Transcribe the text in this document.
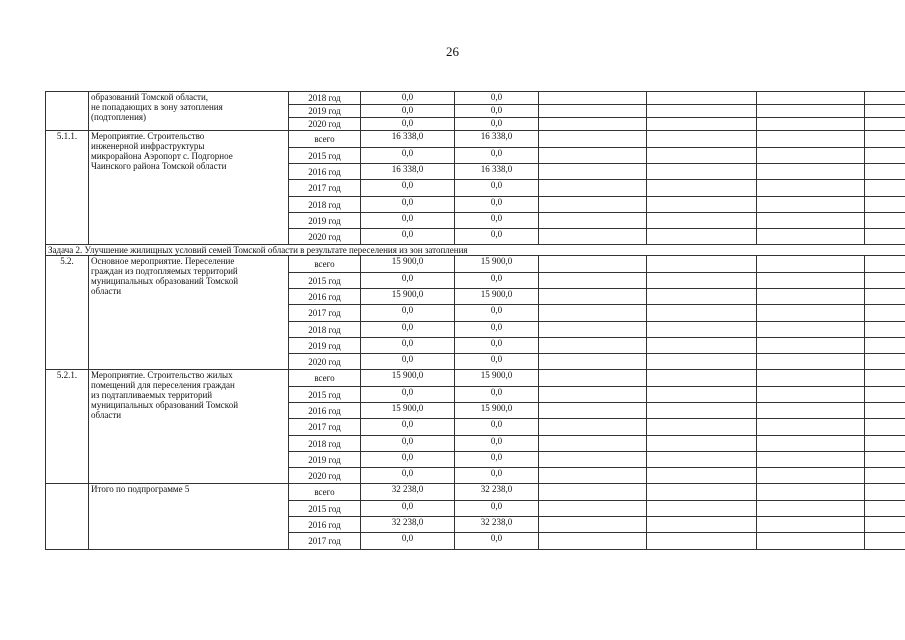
26
	образований Томской области,
не попадающих в зону затопления
(подтопления)	2018 год	0,0	0,0				
		2019 год	0,0	0,0				
		2020 год	0,0	0,0				
5.1.1.	Мероприятие. Строительство
инженерной инфраструктуры
микрорайона Аэропорт с. Подгорное
Чаинского района Томской области	всего	16 338,0	16 338,0				
		2015 год	0,0	0,0				
		2016 год	16 338,0	16 338,0				
		2017 год	0,0	0,0				
		2018 год	0,0	0,0				
		2019 год	0,0	0,0				
		2020 год	0,0	0,0				
Задача 2. Улучшение жилищных условий семей Томской области в результате переселения из зон затопления								
5.2.	Основное мероприятие. Переселение
граждан из подтопляемых территорий
муниципальных образований Томской
области	всего	15 900,0	15 900,0				
		2015 год	0,0	0,0				
		2016 год	15 900,0	15 900,0				
		2017 год	0,0	0,0				
		2018 год	0,0	0,0				
		2019 год	0,0	0,0				
		2020 год	0,0	0,0				
5.2.1.	Мероприятие. Строительство жилых
помещений для переселения граждан
из подтапливаемых территорий
муниципальных образований Томской
области	всего	15 900,0	15 900,0				
		2015 год	0,0	0,0				
		2016 год	15 900,0	15 900,0				
		2017 год	0,0	0,0				
		2018 год	0,0	0,0				
		2019 год	0,0	0,0				
		2020 год	0,0	0,0				
	Итого по подпрограмме 5	всего	32 238,0	32 238,0				
		2015 год	0,0	0,0				
		2016 год	32 238,0	32 238,0				
		2017 год	0,0	0,0				
